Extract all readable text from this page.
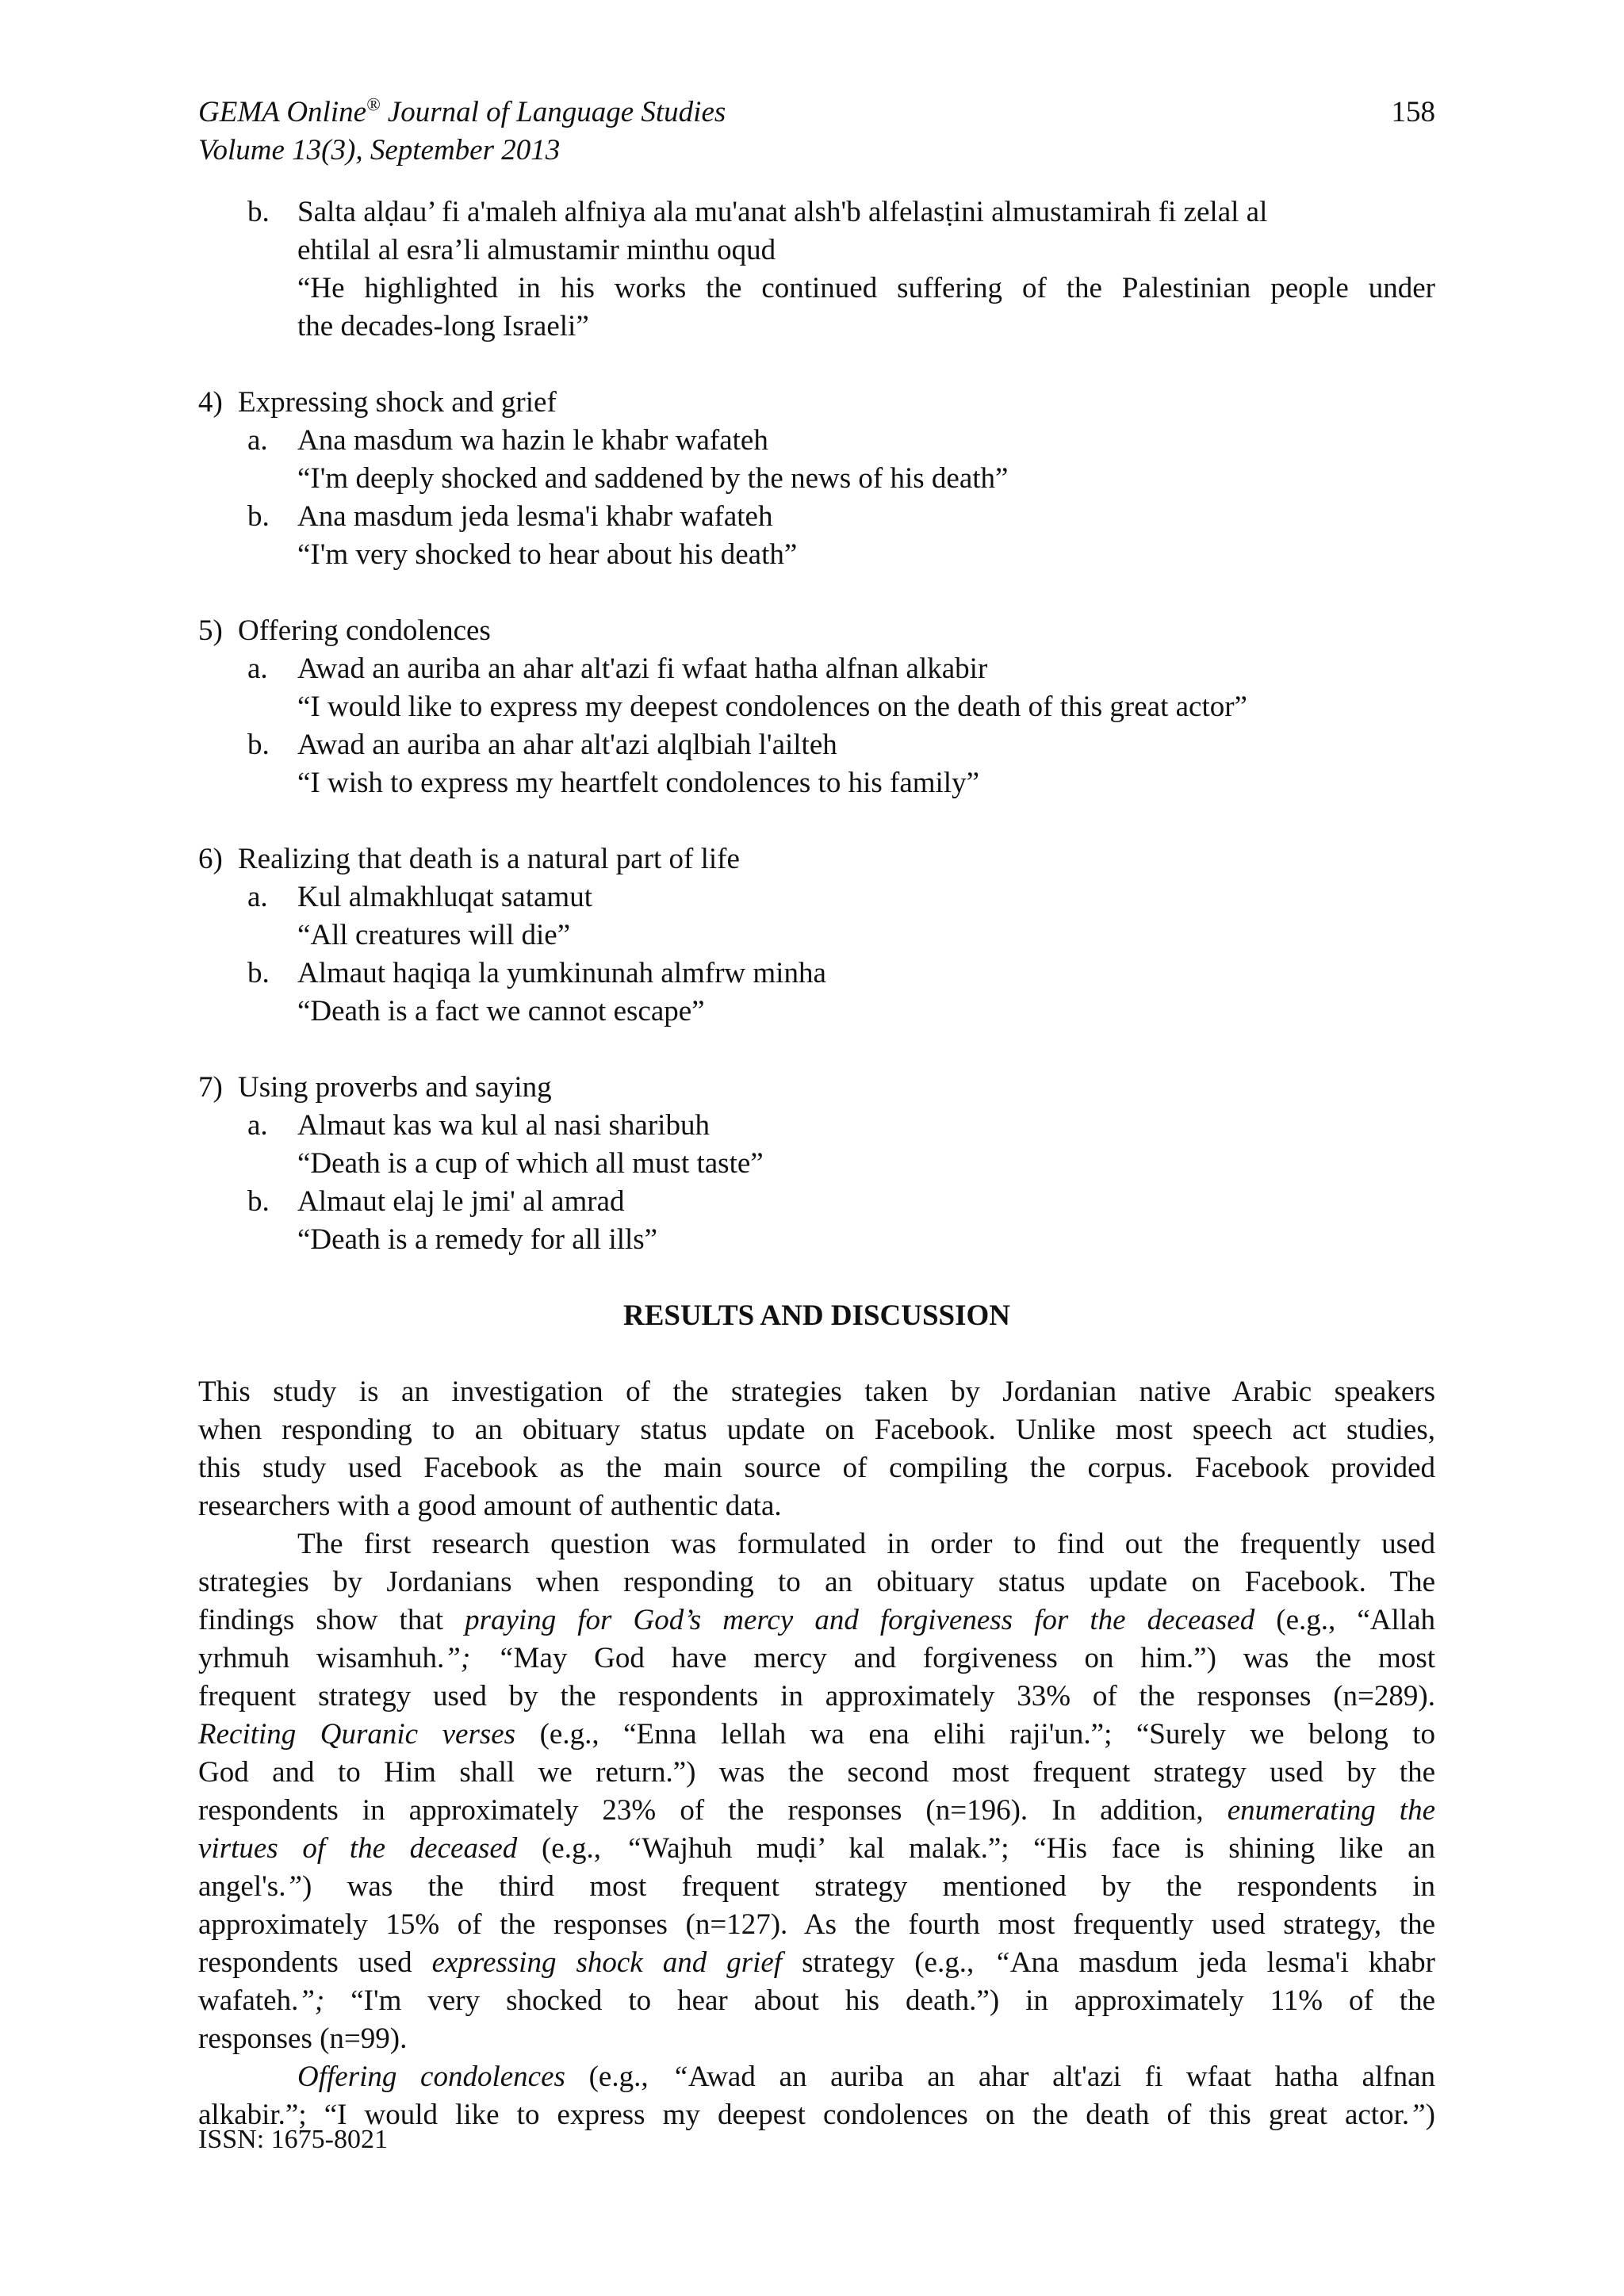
GEMA Online® Journal of Language Studies
Volume 13(3), September 2013
158
b. Salta alḍau’ fi a'maleh alfniya ala mu'anat alsh'b alfelasṭini almustamirah fi zelal al
ehtilal al esra’li almustamir minthu oqud
“He highlighted in his works the continued suffering of the Palestinian people under
the decades-long Israeli”
4) Expressing shock and grief
a. Ana masdum wa hazin le khabr wafateh
“I'm deeply shocked and saddened by the news of his death”
b. Ana masdum jeda lesma'i khabr wafateh
“I'm very shocked to hear about his death”
5) Offering condolences
a. Awad an auriba an ahar alt'azi fi wfaat hatha alfnan alkabir
“I would like to express my deepest condolences on the death of this great actor”
b. Awad an auriba an ahar alt'azi alqlbiah l'ailteh
“I wish to express my heartfelt condolences to his family”
6) Realizing that death is a natural part of life
a. Kul almakhluqat satamut
“All creatures will die”
b. Almaut haqiqa la yumkinunah almfrw minha
“Death is a fact we cannot escape”
7) Using proverbs and saying
a. Almaut kas wa kul al nasi sharibuh
“Death is a cup of which all must taste”
b. Almaut elaj le jmi' al amrad
“Death is a remedy for all ills”
RESULTS AND DISCUSSION
This study is an investigation of the strategies taken by Jordanian native Arabic speakers
when responding to an obituary status update on Facebook. Unlike most speech act studies,
this study used Facebook as the main source of compiling the corpus. Facebook provided
researchers with a good amount of authentic data.
The first research question was formulated in order to find out the frequently used
strategies by Jordanians when responding to an obituary status update on Facebook. The
findings show that praying for God’s mercy and forgiveness for the deceased (e.g., “Allah
yrhmuh wisamhuh.”; “May God have mercy and forgiveness on him.”) was the most
frequent strategy used by the respondents in approximately 33% of the responses (n=289).
Reciting Quranic verses (e.g., “Enna lellah wa ena elihi raji'un.”; “Surely we belong to
God and to Him shall we return.”) was the second most frequent strategy used by the
respondents in approximately 23% of the responses (n=196). In addition, enumerating the
virtues of the deceased (e.g., “Wajhuh muḍi’ kal malak.”; “His face is shining like an
angel's.”) was the third most frequent strategy mentioned by the respondents in
approximately 15% of the responses (n=127). As the fourth most frequently used strategy, the
respondents used expressing shock and grief strategy (e.g., “Ana masdum jeda lesma'i khabr
wafateh.”; “I'm very shocked to hear about his death.”) in approximately 11% of the
responses (n=99).
Offering condolences (e.g., “Awad an auriba an ahar alt'azi fi wfaat hatha alfnan
alkabir.”; “I would like to express my deepest condolences on the death of this great actor.”)
ISSN: 1675-8021
